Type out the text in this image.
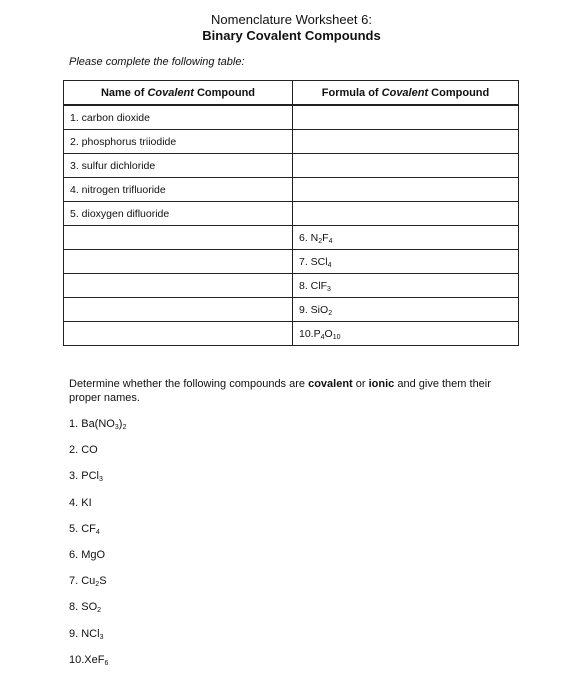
Nomenclature Worksheet 6:
Binary Covalent Compounds
Please complete the following table:
Name of Covalent Compound	Formula of Covalent Compound
1. carbon dioxide	
2. phosphorus triiodide	
3. sulfur dichloride	
4. nitrogen trifluoride	
5. dioxygen difluoride	
	6. $N_2F_4$
	7. SCl$_4$
	8. ClF$_3$
	9. SiO$_2$
	$10.P_4O_{10}$
Determine whether the following compounds are covalent or ionic and give them their proper names.
1. $Ba(NO_3)_2$
2. CO
3. PCl$_3$
4. KI
5. $CF_4$
6. MgO
7. $Cu_2S$
8. $SO_2$
9. NCl$_3$
10.XeF$_6$
